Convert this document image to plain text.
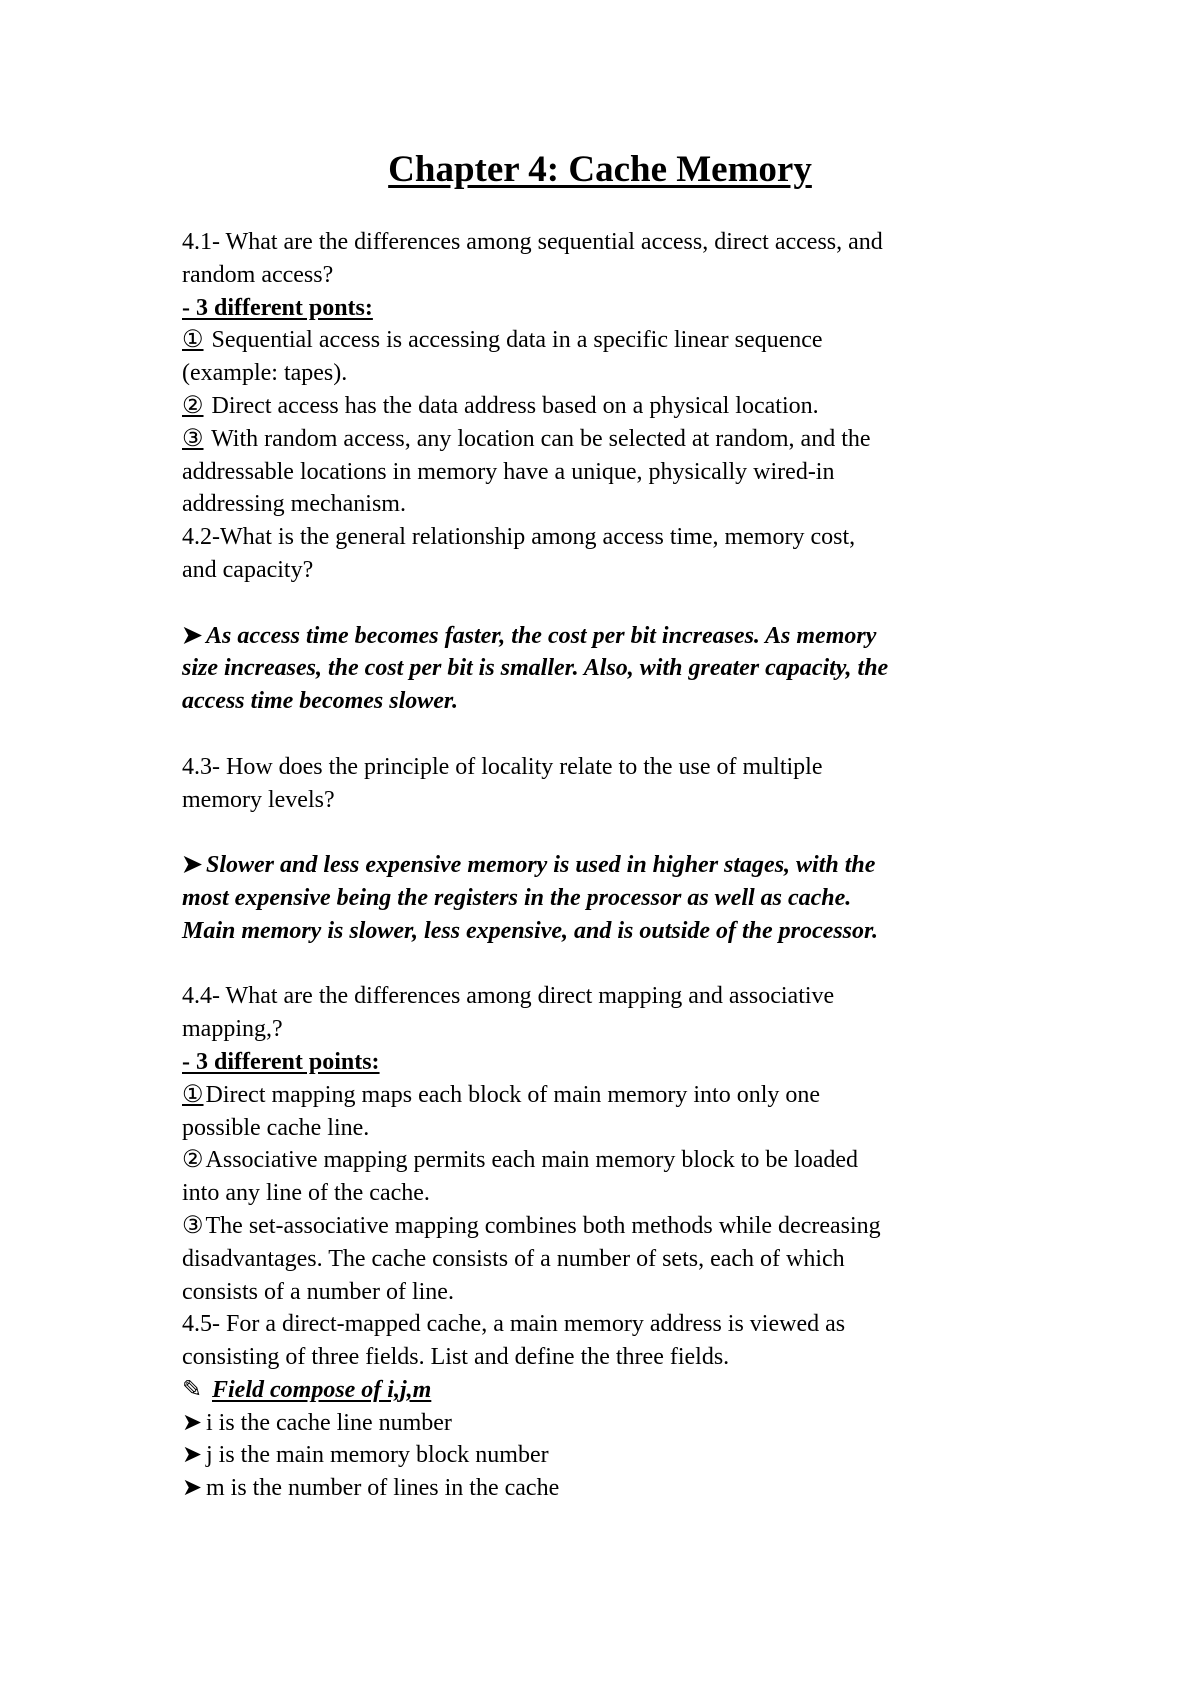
Chapter 4: Cache Memory

4.1- What are the differences among sequential access, direct access, and

random access?

- 3 different ponts:

① Sequential access is accessing data in a specific linear sequence

(example: tapes).

② Direct access has the data address based on a physical location.

③ With random access, any location can be selected at random, and the

addressable locations in memory have a unique, physically wired-in

addressing mechanism.

4.2-What is the general relationship among access time, memory cost,

and capacity?

➤ As access time becomes faster, the cost per bit increases. As memory

size increases, the cost per bit is smaller. Also, with greater capacity, the

access time becomes slower.

4.3- How does the principle of locality relate to the use of multiple

memory levels?

➤ Slower and less expensive memory is used in higher stages, with the

most expensive being the registers in the processor as well as cache.

Main memory is slower, less expensive, and is outside of the processor.

4.4- What are the differences among direct mapping and associative

mapping,?

- 3 different points:

①Direct mapping maps each block of main memory into only one

possible cache line.

②Associative mapping permits each main memory block to be loaded

into any line of the cache.

③The set-associative mapping combines both methods while decreasing

disadvantages. The cache consists of a number of sets, each of which

consists of a number of line.

4.5- For a direct-mapped cache, a main memory address is viewed as

consisting of three fields. List and define the three fields.

✎ Field compose of i,j,m

➤ i is the cache line number

➤ j is the main memory block number

➤ m is the number of lines in the cache
